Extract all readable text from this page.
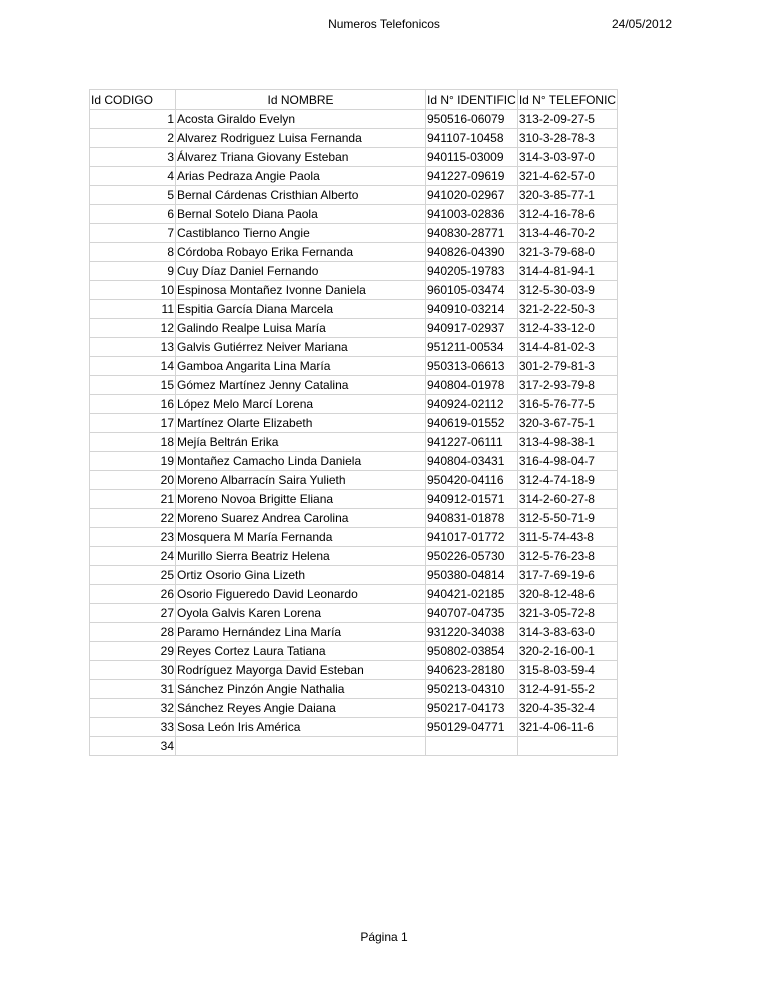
Numeros Telefonicos	24/05/2012
Id CODIGO	Id NOMBRE	Id N° IDENTIFIC	Id N° TELEFONIC
1	Acosta Giraldo Evelyn	950516-06079	313-2-09-27-5
2	Alvarez Rodriguez Luisa Fernanda	941107-10458	310-3-28-78-3
3	Álvarez Triana Giovany Esteban	940115-03009	314-3-03-97-0
4	Arias Pedraza Angie Paola	941227-09619	321-4-62-57-0
5	Bernal Cárdenas Cristhian Alberto	941020-02967	320-3-85-77-1
6	Bernal Sotelo Diana Paola	941003-02836	312-4-16-78-6
7	Castiblanco Tierno Angie	940830-28771	313-4-46-70-2
8	Córdoba Robayo Erika Fernanda	940826-04390	321-3-79-68-0
9	Cuy Díaz Daniel Fernando	940205-19783	314-4-81-94-1
10	Espinosa Montañez Ivonne Daniela	960105-03474	312-5-30-03-9
11	Espitia García Diana Marcela	940910-03214	321-2-22-50-3
12	Galindo Realpe Luisa María	940917-02937	312-4-33-12-0
13	Galvis Gutiérrez Neiver Mariana	951211-00534	314-4-81-02-3
14	Gamboa Angarita Lina María	950313-06613	301-2-79-81-3
15	Gómez Martínez Jenny Catalina	940804-01978	317-2-93-79-8
16	López Melo Marcí Lorena	940924-02112	316-5-76-77-5
17	Martínez Olarte Elizabeth	940619-01552	320-3-67-75-1
18	Mejía Beltrán Erika	941227-06111	313-4-98-38-1
19	Montañez Camacho Linda Daniela	940804-03431	316-4-98-04-7
20	Moreno Albarracín Saira Yulieth	950420-04116	312-4-74-18-9
21	Moreno Novoa Brigitte Eliana	940912-01571	314-2-60-27-8
22	Moreno Suarez Andrea Carolina	940831-01878	312-5-50-71-9
23	Mosquera M María Fernanda	941017-01772	311-5-74-43-8
24	Murillo Sierra Beatriz Helena	950226-05730	312-5-76-23-8
25	Ortiz Osorio Gina Lizeth	950380-04814	317-7-69-19-6
26	Osorio Figueredo David Leonardo	940421-02185	320-8-12-48-6
27	Oyola Galvis Karen Lorena	940707-04735	321-3-05-72-8
28	Paramo Hernández Lina María	931220-34038	314-3-83-63-0
29	Reyes Cortez Laura Tatiana	950802-03854	320-2-16-00-1
30	Rodríguez Mayorga David Esteban	940623-28180	315-8-03-59-4
31	Sánchez Pinzón Angie Nathalia	950213-04310	312-4-91-55-2
32	Sánchez Reyes Angie Daiana	950217-04173	320-4-35-32-4
33	Sosa León Iris América	950129-04771	321-4-06-11-6
34			
Página 1
